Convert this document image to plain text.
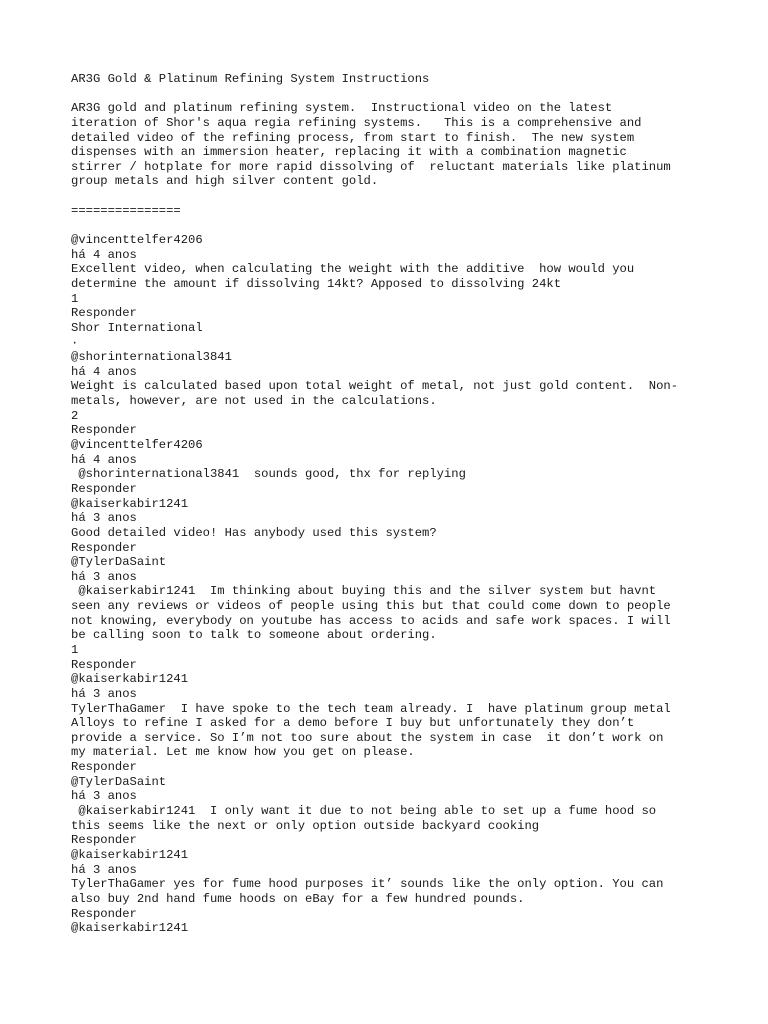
AR3G Gold & Platinum Refining System Instructions
AR3G gold and platinum refining system.  Instructional video on the latest
iteration of Shor's aqua regia refining systems.   This is a comprehensive and
detailed video of the refining process, from start to finish.  The new system
dispenses with an immersion heater, replacing it with a combination magnetic
stirrer / hotplate for more rapid dissolving of  reluctant materials like platinum
group metals and high silver content gold.
===============
@vincenttelfer4206
há 4 anos
Excellent video, when calculating the weight with the additive  how would you
determine the amount if dissolving 14kt? Apposed to dissolving 24kt
1
Responder
Shor International
·
@shorinternational3841
há 4 anos
Weight is calculated based upon total weight of metal, not just gold content.  Non-
metals, however, are not used in the calculations.
2
Responder
@vincenttelfer4206
há 4 anos
@shorinternational3841  sounds good, thx for replying
Responder
@kaiserkabir1241
há 3 anos
Good detailed video! Has anybody used this system?
Responder
@TylerDaSaint
há 3 anos
@kaiserkabir1241  Im thinking about buying this and the silver system but havnt
seen any reviews or videos of people using this but that could come down to people
not knowing, everybody on youtube has access to acids and safe work spaces. I will
be calling soon to talk to someone about ordering.
1
Responder
@kaiserkabir1241
há 3 anos
TylerThaGamer  I have spoke to the tech team already. I  have platinum group metal
Alloys to refine I asked for a demo before I buy but unfortunately they don’t
provide a service. So I’m not too sure about the system in case  it don’t work on
my material. Let me know how you get on please.
Responder
@TylerDaSaint
há 3 anos
@kaiserkabir1241  I only want it due to not being able to set up a fume hood so
this seems like the next or only option outside backyard cooking
Responder
@kaiserkabir1241
há 3 anos
TylerThaGamer yes for fume hood purposes it’ sounds like the only option. You can
also buy 2nd hand fume hoods on eBay for a few hundred pounds.
Responder
@kaiserkabir1241
